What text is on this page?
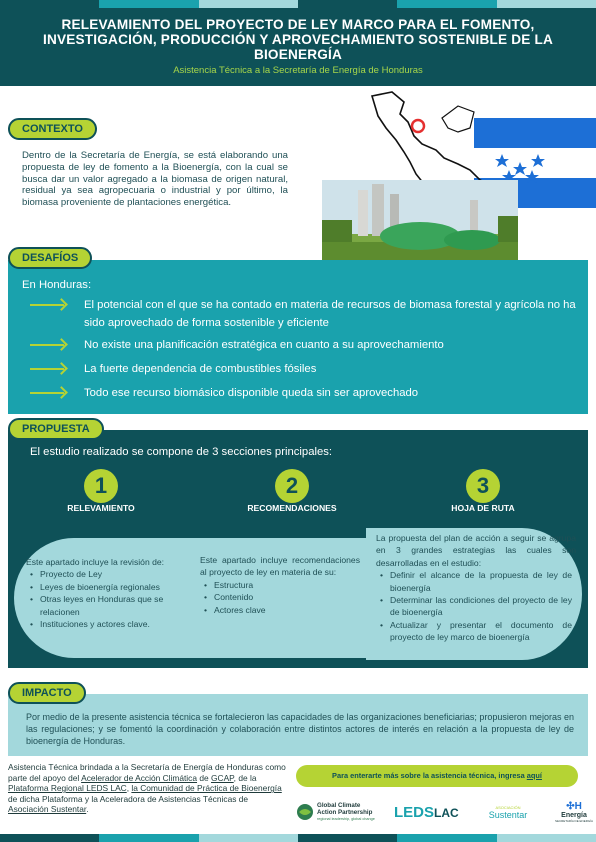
RELEVAMIENTO DEL PROYECTO DE LEY MARCO PARA EL FOMENTO,
INVESTIGACIÓN, PRODUCCIÓN Y APROVECHAMIENTO SOSTENIBLE DE LA
BIOENERGÍA
Asistencia Técnica a la Secretaría de Energía de Honduras
CONTEXTO
Dentro de la Secretaría de Energía, se está elaborando una propuesta de ley de fomento a la Bioenergía, con la cual se busca dar un valor agregado a la biomasa de origen natural, residual ya sea agropecuaria o industrial y por último, la biomasa proveniente de plantaciones energética.
DESAFÍOS
En Honduras:
El potencial con el que se ha contado en materia de recursos de biomasa forestal y agrícola no ha sido aprovechado de forma sostenible y eficiente
No existe una planificación estratégica en cuanto a su aprovechamiento
La fuerte dependencia de combustibles fósiles
Todo ese recurso biomásico disponible queda sin ser aprovechado
PROPUESTA
El estudio realizado se compone de 3 secciones principales:
1	2	3
RELEVAMIENTO	RECOMENDACIONES	HOJA DE RUTA
Este apartado incluye la revisión de:
• Proyecto de Ley
• Leyes de bioenergía regionales
• Otras leyes en Honduras que se relacionen
• Instituciones y actores clave.
Este apartado incluye recomendaciones al proyecto de ley en materia de su:
• Estructura
• Contenido
• Actores clave
La propuesta del plan de acción a seguir se agrupa en 3 grandes estrategias las cuales son desarrolladas en el estudio:
• Definir el alcance de la propuesta de ley de bioenergía
• Determinar las condiciones del proyecto de ley de bioenergía
• Actualizar y presentar el documento de proyecto de ley marco de bioenergía
IMPACTO
Por medio de la presente asistencia técnica se fortalecieron las capacidades de las organizaciones beneficiarias; propusieron mejoras en las regulaciones; y se fomentó la coordinación y colaboración entre distintos actores de interés en relación a la propuesta de ley de bioenergía de Honduras.
Asistencia Técnica brindada a la Secretaría de Energía de Honduras como parte del apoyo del Acelerador de Acción Climática de GCAP, de la Plataforma Regional LEDS LAC, la Comunidad de Práctica de Bioenergía de dicha Plataforma y la Aceleradora de Asistencias Técnicas de Asociación Sustentar.
Para enterarte más sobre la asistencia técnica, ingresa aquí
Global Climate
Action Partnership
regional leadership, global change LEDSLAC	ASOCIACIÓN
Sustentar
✣H
Energía
SECRETARÍA DE ENERGÍA
